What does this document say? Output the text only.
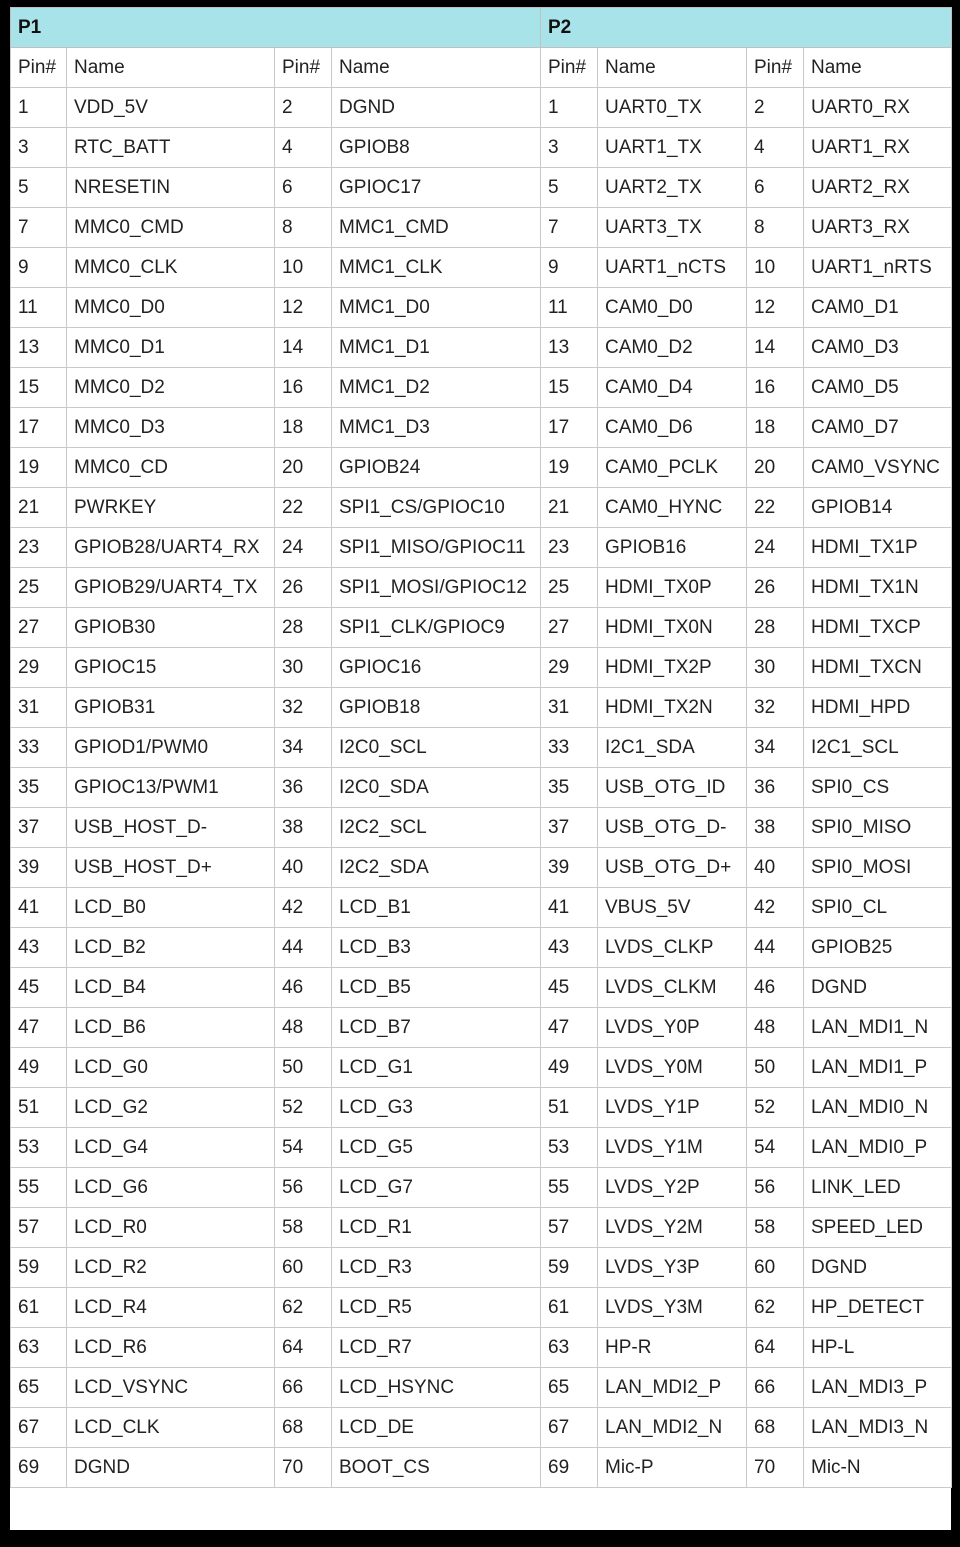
P1				P2			
Pin#	Name	Pin#	Name	Pin#	Name	Pin#	Name
1	VDD_5V	2	DGND	1	UART0_TX	2	UART0_RX
3	RTC_BATT	4	GPIOB8	3	UART1_TX	4	UART1_RX
5	NRESETIN	6	GPIOC17	5	UART2_TX	6	UART2_RX
7	MMC0_CMD	8	MMC1_CMD	7	UART3_TX	8	UART3_RX
9	MMC0_CLK	10	MMC1_CLK	9	UART1_nCTS	10	UART1_nRTS
11	MMC0_D0	12	MMC1_D0	11	CAM0_D0	12	CAM0_D1
13	MMC0_D1	14	MMC1_D1	13	CAM0_D2	14	CAM0_D3
15	MMC0_D2	16	MMC1_D2	15	CAM0_D4	16	CAM0_D5
17	MMC0_D3	18	MMC1_D3	17	CAM0_D6	18	CAM0_D7
19	MMC0_CD	20	GPIOB24	19	CAM0_PCLK	20	CAM0_VSYNC
21	PWRKEY	22	SPI1_CS/GPIOC10	21	CAM0_HYNC	22	GPIOB14
23	GPIOB28/UART4_RX	24	SPI1_MISO/GPIOC11	23	GPIOB16	24	HDMI_TX1P
25	GPIOB29/UART4_TX	26	SPI1_MOSI/GPIOC12	25	HDMI_TX0P	26	HDMI_TX1N
27	GPIOB30	28	SPI1_CLK/GPIOC9	27	HDMI_TX0N	28	HDMI_TXCP
29	GPIOC15	30	GPIOC16	29	HDMI_TX2P	30	HDMI_TXCN
31	GPIOB31	32	GPIOB18	31	HDMI_TX2N	32	HDMI_HPD
33	GPIOD1/PWM0	34	I2C0_SCL	33	I2C1_SDA	34	I2C1_SCL
35	GPIOC13/PWM1	36	I2C0_SDA	35	USB_OTG_ID	36	SPI0_CS
37	USB_HOST_D-	38	I2C2_SCL	37	USB_OTG_D-	38	SPI0_MISO
39	USB_HOST_D+	40	I2C2_SDA	39	USB_OTG_D+	40	SPI0_MOSI
41	LCD_B0	42	LCD_B1	41	VBUS_5V	42	SPI0_CL
43	LCD_B2	44	LCD_B3	43	LVDS_CLKP	44	GPIOB25
45	LCD_B4	46	LCD_B5	45	LVDS_CLKM	46	DGND
47	LCD_B6	48	LCD_B7	47	LVDS_Y0P	48	LAN_MDI1_N
49	LCD_G0	50	LCD_G1	49	LVDS_Y0M	50	LAN_MDI1_P
51	LCD_G2	52	LCD_G3	51	LVDS_Y1P	52	LAN_MDI0_N
53	LCD_G4	54	LCD_G5	53	LVDS_Y1M	54	LAN_MDI0_P
55	LCD_G6	56	LCD_G7	55	LVDS_Y2P	56	LINK_LED
57	LCD_R0	58	LCD_R1	57	LVDS_Y2M	58	SPEED_LED
59	LCD_R2	60	LCD_R3	59	LVDS_Y3P	60	DGND
61	LCD_R4	62	LCD_R5	61	LVDS_Y3M	62	HP_DETECT
63	LCD_R6	64	LCD_R7	63	HP-R	64	HP-L
65	LCD_VSYNC	66	LCD_HSYNC	65	LAN_MDI2_P	66	LAN_MDI3_P
67	LCD_CLK	68	LCD_DE	67	LAN_MDI2_N	68	LAN_MDI3_N
69	DGND	70	BOOT_CS	69	Mic-P	70	Mic-N
